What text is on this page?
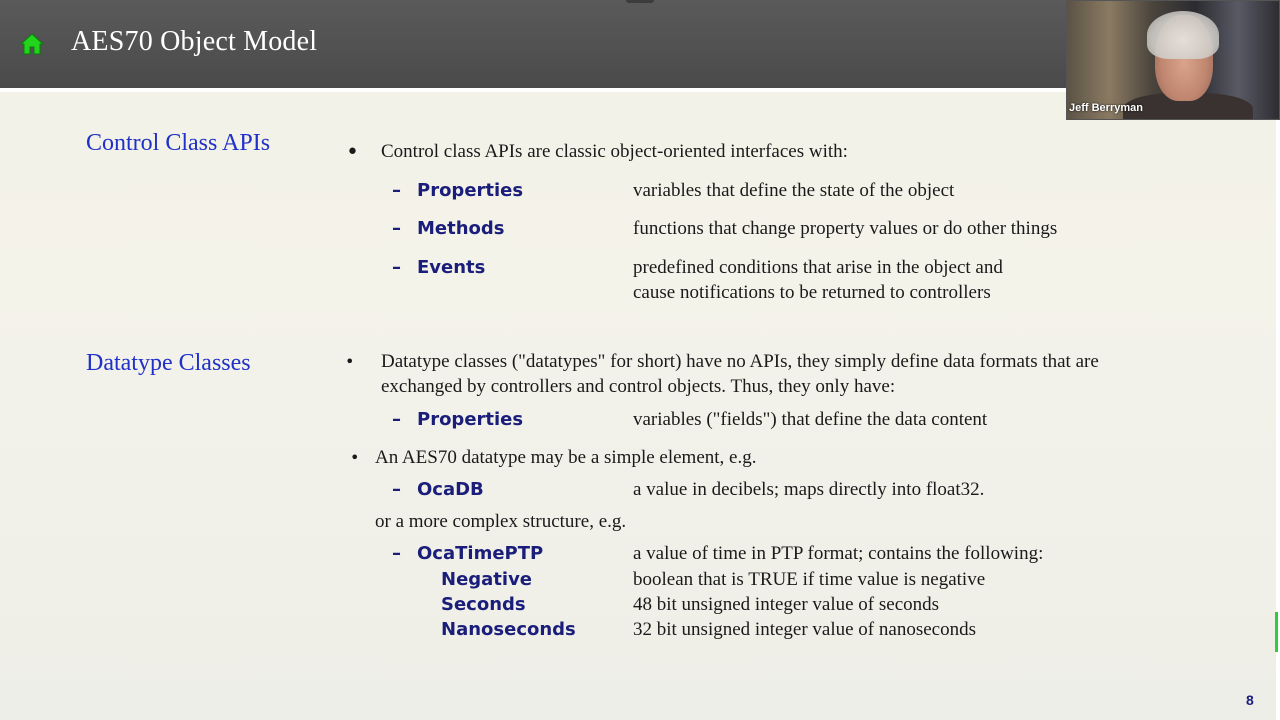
AES70 Object Model
Jeff Berryman
Control Class APIs	• Control class APIs are classic object-oriented interfaces with:
– Properties	variables that define the state of the object
– Methods	functions that change property values or do other things
– Events	predefined conditions that arise in the object and
cause notifications to be returned to controllers
Datatype Classes	• Datatype classes ("datatypes" for short) have no APIs, they simply define data formats that are
exchanged by controllers and control objects. Thus, they only have:
– Properties	variables ("fields") that define the data content
• An AES70 datatype may be a simple element, e.g.
– OcaDB	a value in decibels; maps directly into float32.
or a more complex structure, e.g.
– OcaTimePTP	a value of time in PTP format; contains the following:
Negative	boolean that is TRUE if time value is negative
Seconds	48 bit unsigned integer value of seconds
Nanoseconds	32 bit unsigned integer value of nanoseconds
8
